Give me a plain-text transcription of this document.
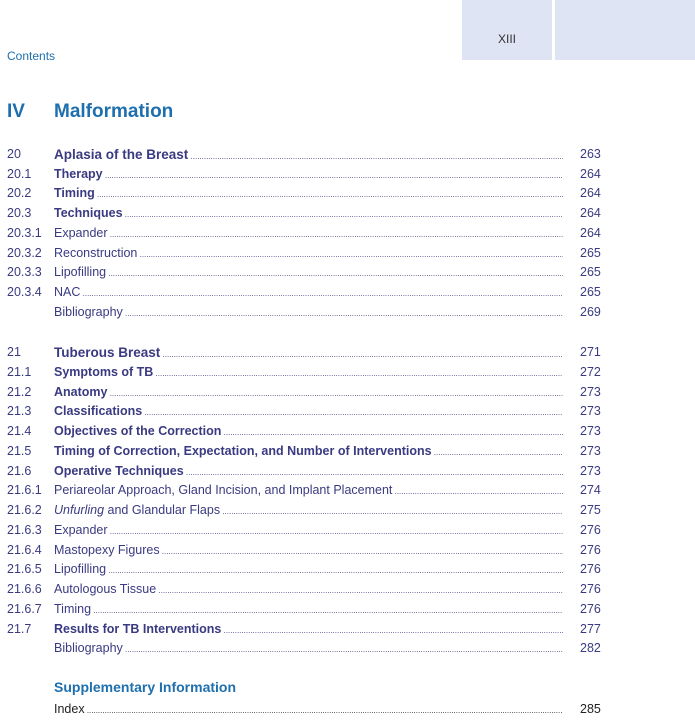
XIII
Contents
IV Malformation
20 Aplasia of the Breast .....	263
20.1 Therapy .....	264
20.2 Timing .....	264
20.3 Techniques .....	264
20.3.1 Expander .....	264
20.3.2 Reconstruction .....	265
20.3.3 Lipofilling .....	265
20.3.4 NAC .....	265
Bibliography .....	269
21 Tuberous Breast .....	271
21.1 Symptoms of TB .....	272
21.2 Anatomy .....	273
21.3 Classifications .....	273
21.4 Objectives of the Correction .....	273
21.5 Timing of Correction, Expectation, and Number of Interventions .....	273
21.6 Operative Techniques .....	273
21.6.1 Periareolar Approach, Gland Incision, and Implant Placement .....	274
21.6.2 Unfurling and Glandular Flaps .....	275
21.6.3 Expander .....	276
21.6.4 Mastopexy Figures .....	276
21.6.5 Lipofilling .....	276
21.6.6 Autologous Tissue .....	276
21.6.7 Timing .....	276
21.7 Results for TB Interventions .....	277
Bibliography .....	282
Supplementary Information
Index .....	285
